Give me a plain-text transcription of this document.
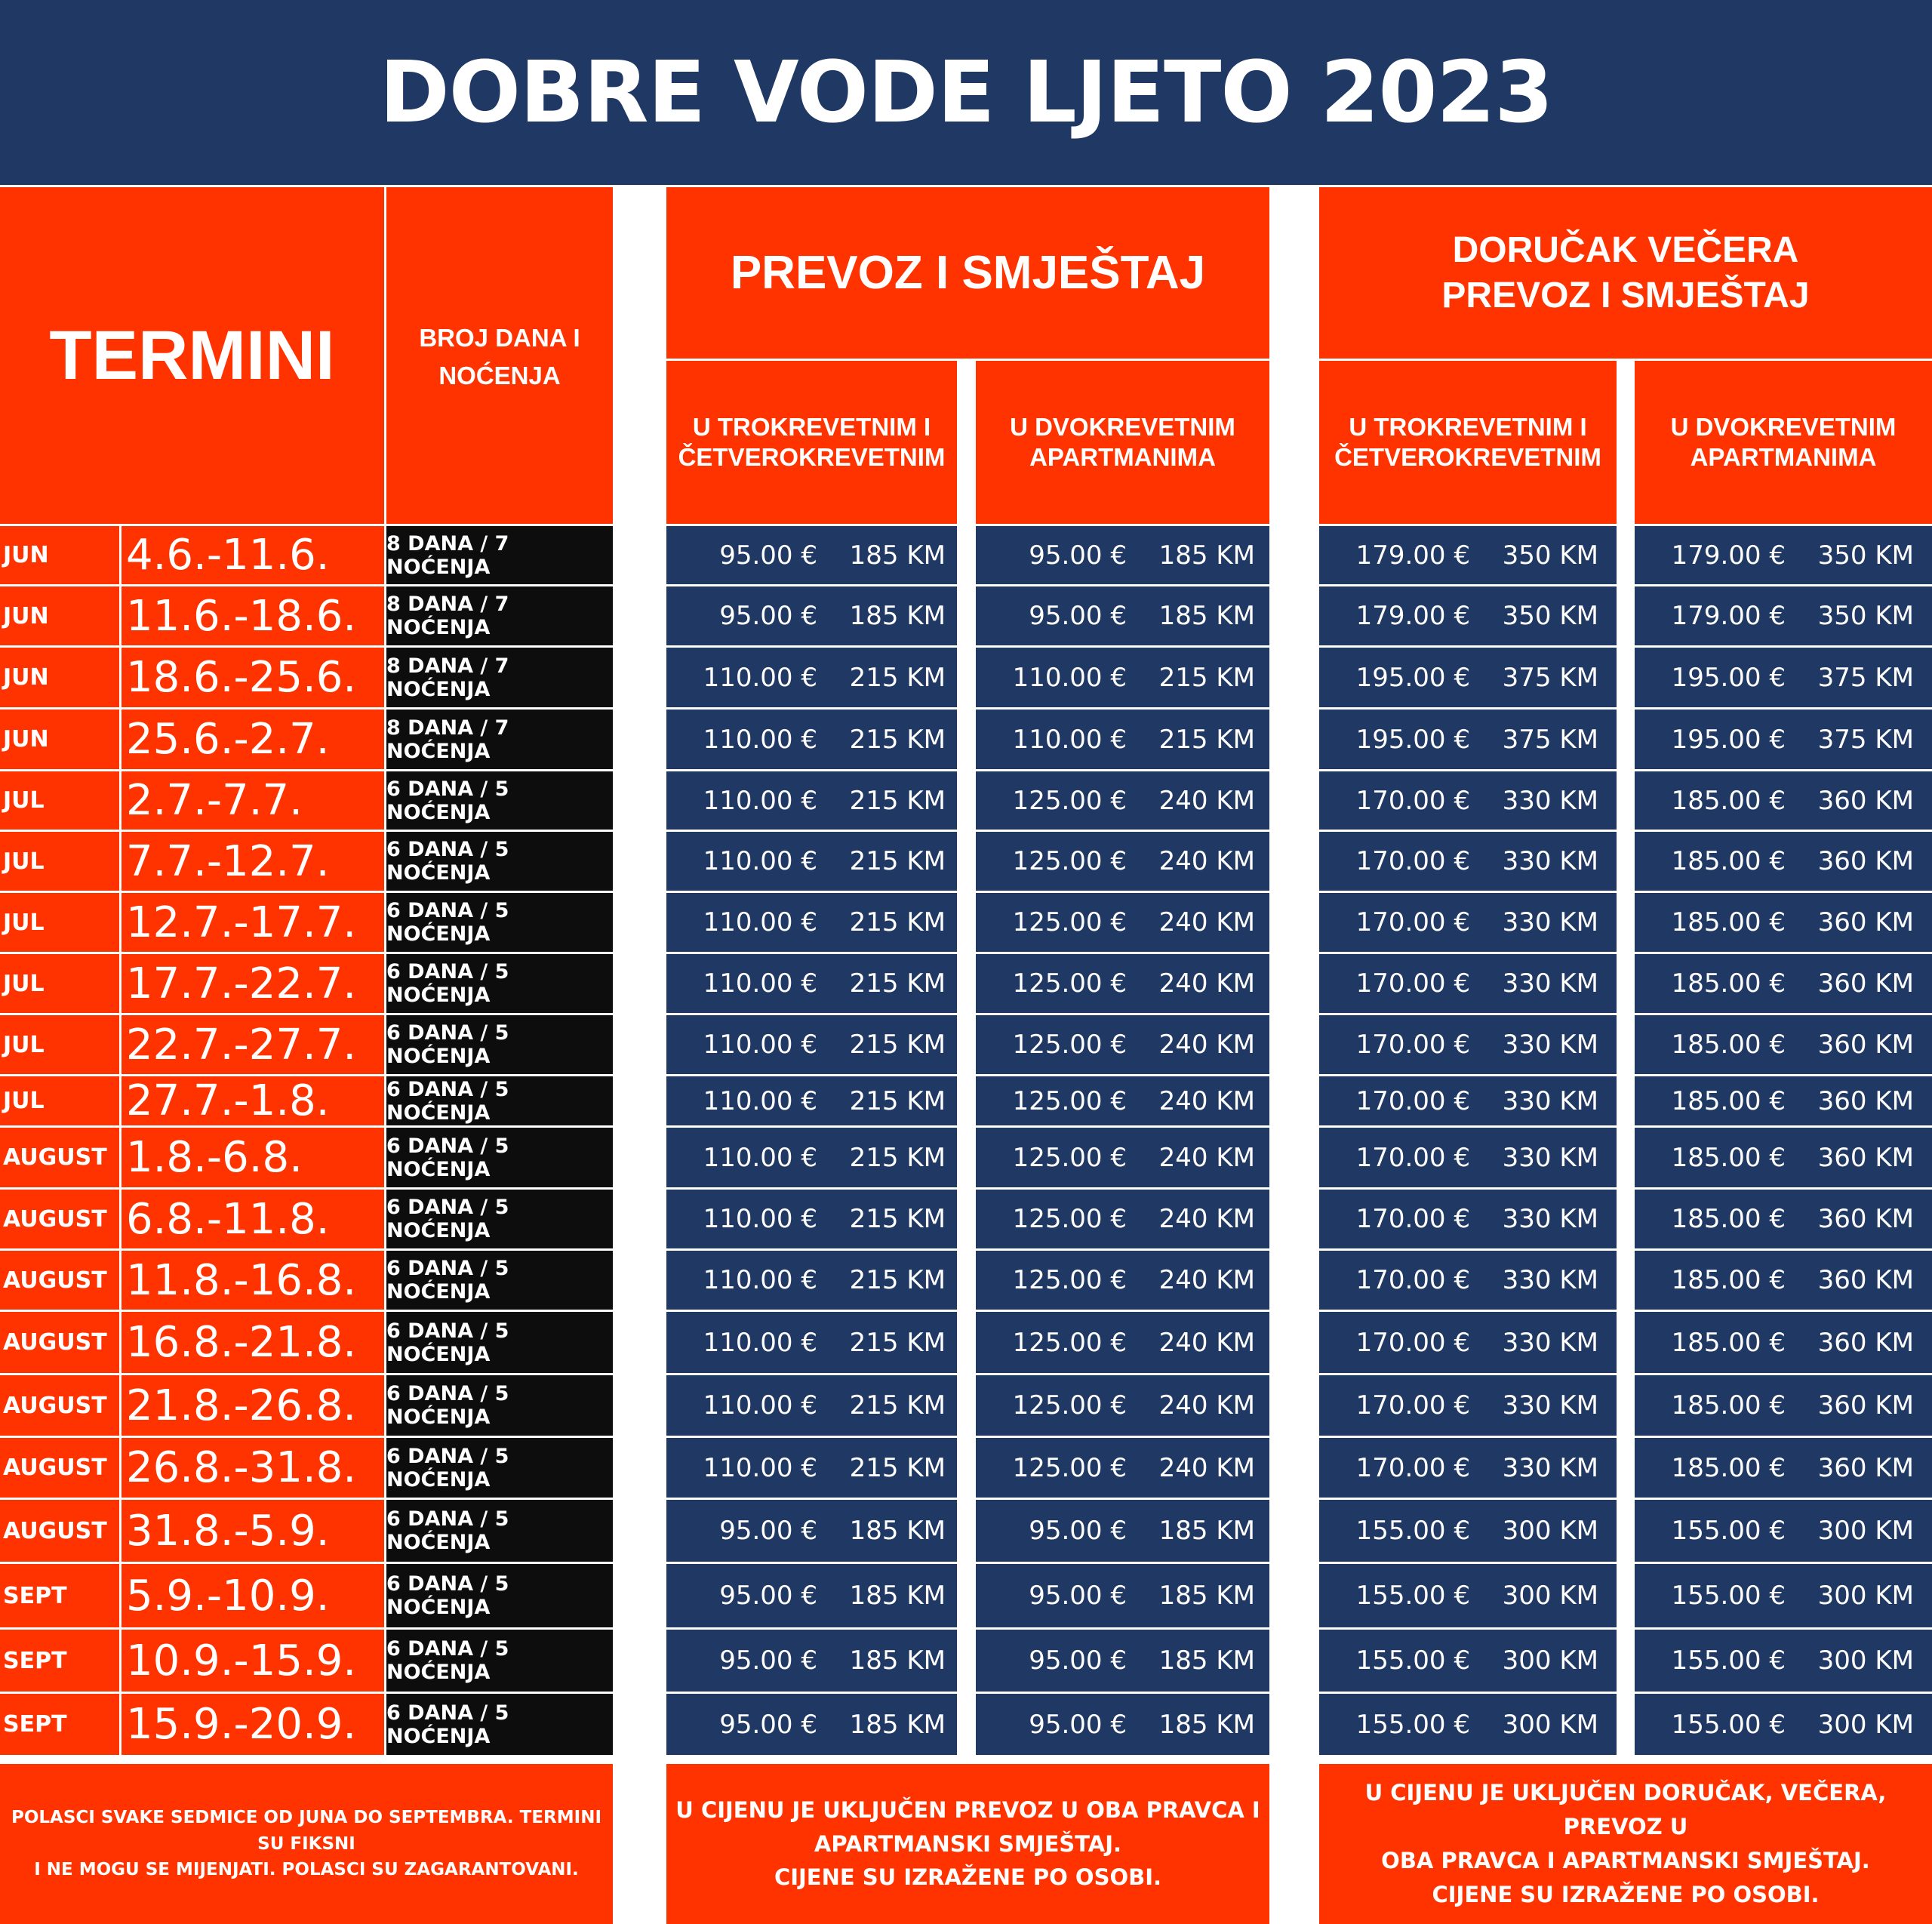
DOBRE VODE LJETO 2023
TERMINI	BROJ DANA I
NOĆENJA
PREVOZ I SMJEŠTAJ
U TROKREVETNIM I
ČETVEROKREVETNIM
U DVOKREVETNIM
APARTMANIMA
DORUČAK VEČERA
PREVOZ I SMJEŠTAJ
U TROKREVETNIM I
ČETVEROKREVETNIM
U DVOKREVETNIM
APARTMANIMA
JUN	4.6.-11.6.	8 DANA / 7 NOĆENJA	95.00 €	185 KM	95.00 €	185 KM	179.00 €	350 KM	179.00 €	350 KM
JUN	11.6.-18.6.	8 DANA / 7 NOĆENJA	95.00 €	185 KM	95.00 €	185 KM	179.00 €	350 KM	179.00 €	350 KM
JUN	18.6.-25.6.	8 DANA / 7 NOĆENJA	110.00 €	215 KM	110.00 €	215 KM	195.00 €	375 KM	195.00 €	375 KM
JUN	25.6.-2.7.	8 DANA / 7 NOĆENJA	110.00 €	215 KM	110.00 €	215 KM	195.00 €	375 KM	195.00 €	375 KM
JUL	2.7.-7.7.	6 DANA / 5 NOĆENJA	110.00 €	215 KM	125.00 €	240 KM	170.00 €	330 KM	185.00 €	360 KM
JUL	7.7.-12.7.	6 DANA / 5 NOĆENJA	110.00 €	215 KM	125.00 €	240 KM	170.00 €	330 KM	185.00 €	360 KM
JUL	12.7.-17.7.	6 DANA / 5 NOĆENJA	110.00 €	215 KM	125.00 €	240 KM	170.00 €	330 KM	185.00 €	360 KM
JUL	17.7.-22.7.	6 DANA / 5 NOĆENJA	110.00 €	215 KM	125.00 €	240 KM	170.00 €	330 KM	185.00 €	360 KM
JUL	22.7.-27.7.	6 DANA / 5 NOĆENJA	110.00 €	215 KM	125.00 €	240 KM	170.00 €	330 KM	185.00 €	360 KM
JUL	27.7.-1.8.	6 DANA / 5 NOĆENJA	110.00 €	215 KM	125.00 €	240 KM	170.00 €	330 KM	185.00 €	360 KM
AUGUST 1.8.-6.8.	6 DANA / 5 NOĆENJA	110.00 €	215 KM	125.00 €	240 KM	170.00 €	330 KM	185.00 €	360 KM
AUGUST 6.8.-11.8.	6 DANA / 5 NOĆENJA	110.00 €	215 KM	125.00 €	240 KM	170.00 €	330 KM	185.00 €	360 KM
AUGUST 11.8.-16.8.	6 DANA / 5 NOĆENJA	110.00 €	215 KM	125.00 €	240 KM	170.00 €	330 KM	185.00 €	360 KM
AUGUST 16.8.-21.8.	6 DANA / 5 NOĆENJA	110.00 €	215 KM	125.00 €	240 KM	170.00 €	330 KM	185.00 €	360 KM
AUGUST 21.8.-26.8.	6 DANA / 5 NOĆENJA	110.00 €	215 KM	125.00 €	240 KM	170.00 €	330 KM	185.00 €	360 KM
AUGUST 26.8.-31.8.	6 DANA / 5 NOĆENJA	110.00 €	215 KM	125.00 €	240 KM	170.00 €	330 KM	185.00 €	360 KM
AUGUST 31.8.-5.9.	6 DANA / 5 NOĆENJA	95.00 €	185 KM	95.00 €	185 KM	155.00 €	300 KM	155.00 €	300 KM
SEPT	5.9.-10.9.	6 DANA / 5 NOĆENJA	95.00 €	185 KM	95.00 €	185 KM	155.00 €	300 KM	155.00 €	300 KM
SEPT	10.9.-15.9.	6 DANA / 5 NOĆENJA	95.00 €	185 KM	95.00 €	185 KM	155.00 €	300 KM	155.00 €	300 KM
SEPT	15.9.-20.9.	6 DANA / 5 NOĆENJA	95.00 €	185 KM	95.00 €	185 KM	155.00 €	300 KM	155.00 €	300 KM
POLASCI SVAKE SEDMICE OD JUNA DO SEPTEMBRA. TERMINI SU FIKSNI
I NE MOGU SE MIJENJATI. POLASCI SU ZAGARANTOVANI.
U CIJENU JE UKLJUČEN PREVOZ U OBA PRAVCA I
APARTMANSKI SMJEŠTAJ.
CIJENE SU IZRAŽENE PO OSOBI.
U CIJENU JE UKLJUČEN DORUČAK, VEČERA, PREVOZ U
OBA PRAVCA I APARTMANSKI SMJEŠTAJ.
CIJENE SU IZRAŽENE PO OSOBI.
